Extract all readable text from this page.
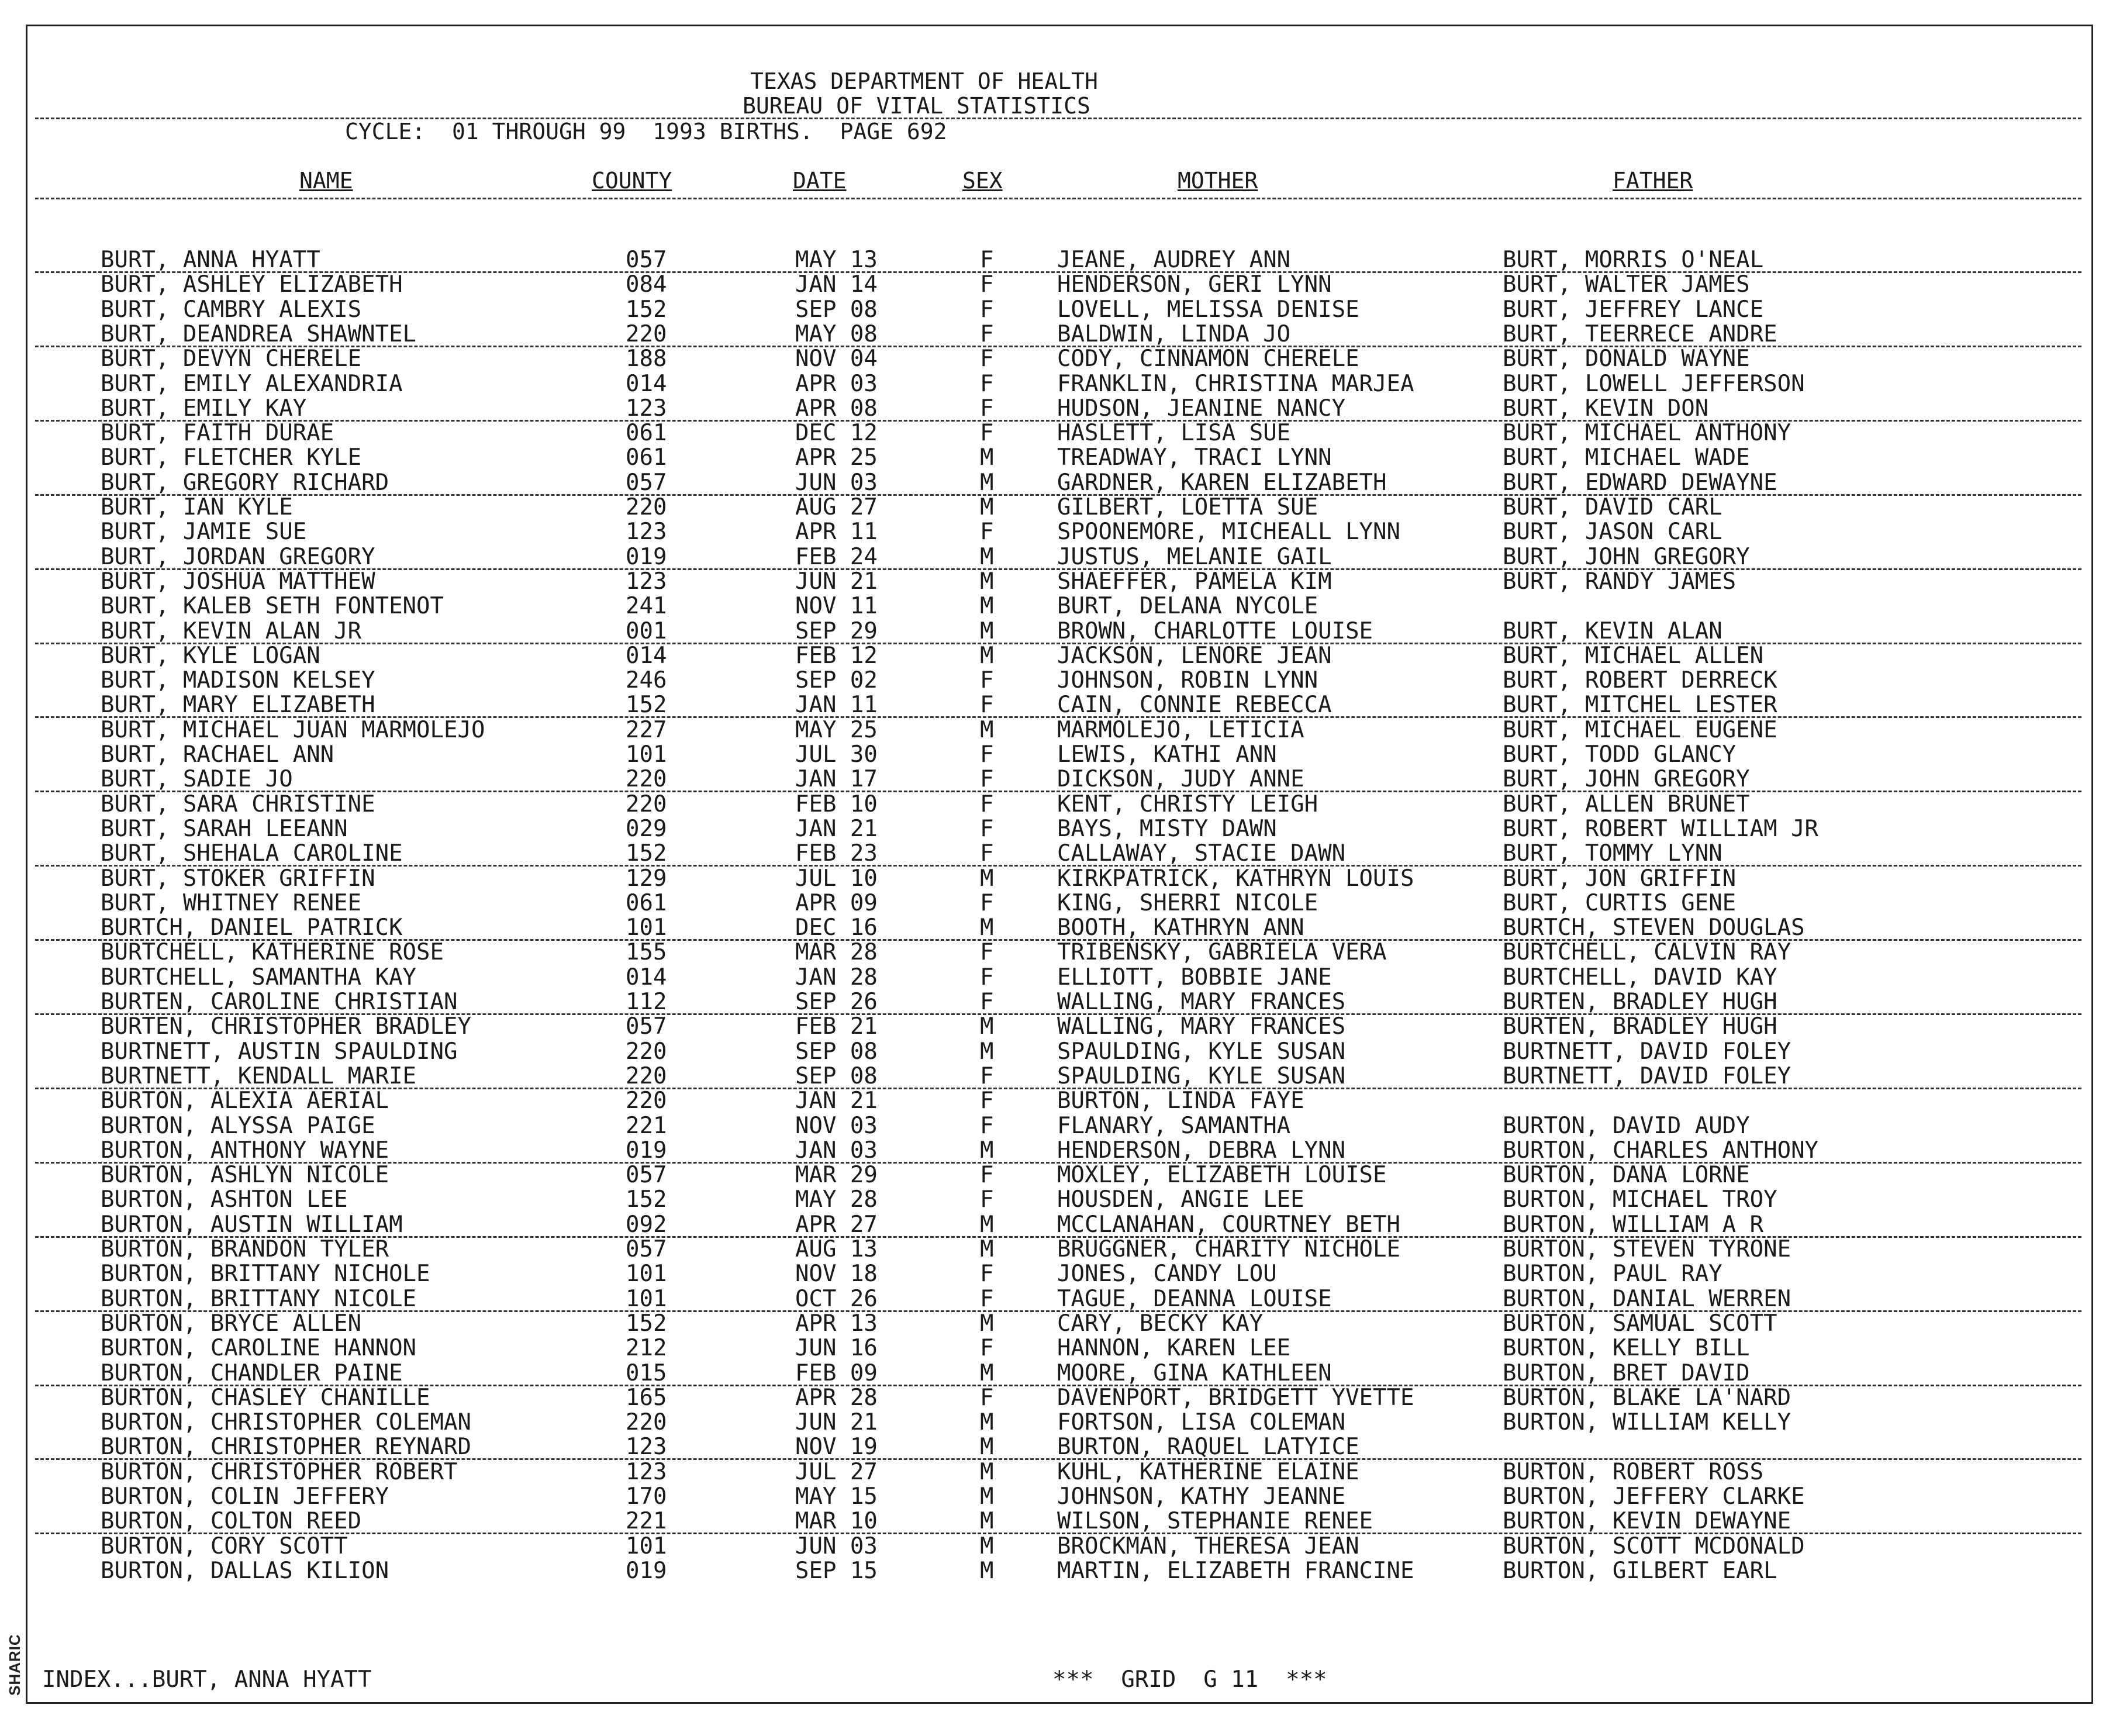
SHARIC
TEXAS DEPARTMENT OF HEALTH
BUREAU OF VITAL STATISTICS
CYCLE:  01 THROUGH 99  1993 BIRTHS.  PAGE 692
NAME	COUNTY	DATE	SEX	MOTHER	FATHER
BURT, ANNA HYATT	057	MAY 13	F	JEANE, AUDREY ANN	BURT, MORRIS O'NEAL
BURT, ASHLEY ELIZABETH	084	JAN 14	F	HENDERSON, GERI LYNN	BURT, WALTER JAMES
BURT, CAMBRY ALEXIS	152	SEP 08	F	LOVELL, MELISSA DENISE	BURT, JEFFREY LANCE
BURT, DEANDREA SHAWNTEL	220	MAY 08	F	BALDWIN, LINDA JO	BURT, TEERRECE ANDRE
BURT, DEVYN CHERELE	188	NOV 04	F	CODY, CINNAMON CHERELE	BURT, DONALD WAYNE
BURT, EMILY ALEXANDRIA	014	APR 03	F	FRANKLIN, CHRISTINA MARJEA	BURT, LOWELL JEFFERSON
BURT, EMILY KAY	123	APR 08	F	HUDSON, JEANINE NANCY	BURT, KEVIN DON
BURT, FAITH DURAE	061	DEC 12	F	HASLETT, LISA SUE	BURT, MICHAEL ANTHONY
BURT, FLETCHER KYLE	061	APR 25	M	TREADWAY, TRACI LYNN	BURT, MICHAEL WADE
BURT, GREGORY RICHARD	057	JUN 03	M	GARDNER, KAREN ELIZABETH	BURT, EDWARD DEWAYNE
BURT, IAN KYLE	220	AUG 27	M	GILBERT, LOETTA SUE	BURT, DAVID CARL
BURT, JAMIE SUE	123	APR 11	F	SPOONEMORE, MICHEALL LYNN	BURT, JASON CARL
BURT, JORDAN GREGORY	019	FEB 24	M	JUSTUS, MELANIE GAIL	BURT, JOHN GREGORY
BURT, JOSHUA MATTHEW	123	JUN 21	M	SHAEFFER, PAMELA KIM	BURT, RANDY JAMES
BURT, KALEB SETH FONTENOT	241	NOV 11	M	BURT, DELANA NYCOLE
BURT, KEVIN ALAN JR	001	SEP 29	M	BROWN, CHARLOTTE LOUISE	BURT, KEVIN ALAN
BURT, KYLE LOGAN	014	FEB 12	M	JACKSON, LENORE JEAN	BURT, MICHAEL ALLEN
BURT, MADISON KELSEY	246	SEP 02	F	JOHNSON, ROBIN LYNN	BURT, ROBERT DERRECK
BURT, MARY ELIZABETH	152	JAN 11	F	CAIN, CONNIE REBECCA	BURT, MITCHEL LESTER
BURT, MICHAEL JUAN MARMOLEJO	227	MAY 25	M	MARMOLEJO, LETICIA	BURT, MICHAEL EUGENE
BURT, RACHAEL ANN	101	JUL 30	F	LEWIS, KATHI ANN	BURT, TODD GLANCY
BURT, SADIE JO	220	JAN 17	F	DICKSON, JUDY ANNE	BURT, JOHN GREGORY
BURT, SARA CHRISTINE	220	FEB 10	F	KENT, CHRISTY LEIGH	BURT, ALLEN BRUNET
BURT, SARAH LEEANN	029	JAN 21	F	BAYS, MISTY DAWN	BURT, ROBERT WILLIAM JR
BURT, SHEHALA CAROLINE	152	FEB 23	F	CALLAWAY, STACIE DAWN	BURT, TOMMY LYNN
BURT, STOKER GRIFFIN	129	JUL 10	M	KIRKPATRICK, KATHRYN LOUIS	BURT, JON GRIFFIN
BURT, WHITNEY RENEE	061	APR 09	F	KING, SHERRI NICOLE	BURT, CURTIS GENE
BURTCH, DANIEL PATRICK	101	DEC 16	M	BOOTH, KATHRYN ANN	BURTCH, STEVEN DOUGLAS
BURTCHELL, KATHERINE ROSE	155	MAR 28	F	TRIBENSKY, GABRIELA VERA	BURTCHELL, CALVIN RAY
BURTCHELL, SAMANTHA KAY	014	JAN 28	F	ELLIOTT, BOBBIE JANE	BURTCHELL, DAVID KAY
BURTEN, CAROLINE CHRISTIAN	112	SEP 26	F	WALLING, MARY FRANCES	BURTEN, BRADLEY HUGH
BURTEN, CHRISTOPHER BRADLEY	057	FEB 21	M	WALLING, MARY FRANCES	BURTEN, BRADLEY HUGH
BURTNETT, AUSTIN SPAULDING	220	SEP 08	M	SPAULDING, KYLE SUSAN	BURTNETT, DAVID FOLEY
BURTNETT, KENDALL MARIE	220	SEP 08	F	SPAULDING, KYLE SUSAN	BURTNETT, DAVID FOLEY
BURTON, ALEXIA AERIAL	220	JAN 21	F	BURTON, LINDA FAYE
BURTON, ALYSSA PAIGE	221	NOV 03	F	FLANARY, SAMANTHA	BURTON, DAVID AUDY
BURTON, ANTHONY WAYNE	019	JAN 03	M	HENDERSON, DEBRA LYNN	BURTON, CHARLES ANTHONY
BURTON, ASHLYN NICOLE	057	MAR 29	F	MOXLEY, ELIZABETH LOUISE	BURTON, DANA LORNE
BURTON, ASHTON LEE	152	MAY 28	F	HOUSDEN, ANGIE LEE	BURTON, MICHAEL TROY
BURTON, AUSTIN WILLIAM	092	APR 27	M	MCCLANAHAN, COURTNEY BETH	BURTON, WILLIAM A R
BURTON, BRANDON TYLER	057	AUG 13	M	BRUGGNER, CHARITY NICHOLE	BURTON, STEVEN TYRONE
BURTON, BRITTANY NICHOLE	101	NOV 18	F	JONES, CANDY LOU	BURTON, PAUL RAY
BURTON, BRITTANY NICOLE	101	OCT 26	F	TAGUE, DEANNA LOUISE	BURTON, DANIAL WERREN
BURTON, BRYCE ALLEN	152	APR 13	M	CARY, BECKY KAY	BURTON, SAMUAL SCOTT
BURTON, CAROLINE HANNON	212	JUN 16	F	HANNON, KAREN LEE	BURTON, KELLY BILL
BURTON, CHANDLER PAINE	015	FEB 09	M	MOORE, GINA KATHLEEN	BURTON, BRET DAVID
BURTON, CHASLEY CHANILLE	165	APR 28	F	DAVENPORT, BRIDGETT YVETTE	BURTON, BLAKE LA'NARD
BURTON, CHRISTOPHER COLEMAN	220	JUN 21	M	FORTSON, LISA COLEMAN	BURTON, WILLIAM KELLY
BURTON, CHRISTOPHER REYNARD	123	NOV 19	M	BURTON, RAQUEL LATYICE
BURTON, CHRISTOPHER ROBERT	123	JUL 27	M	KUHL, KATHERINE ELAINE	BURTON, ROBERT ROSS
BURTON, COLIN JEFFERY	170	MAY 15	M	JOHNSON, KATHY JEANNE	BURTON, JEFFERY CLARKE
BURTON, COLTON REED	221	MAR 10	M	WILSON, STEPHANIE RENEE	BURTON, KEVIN DEWAYNE
BURTON, CORY SCOTT	101	JUN 03	M	BROCKMAN, THERESA JEAN	BURTON, SCOTT MCDONALD
BURTON, DALLAS KILION	019	SEP 15	M	MARTIN, ELIZABETH FRANCINE	BURTON, GILBERT EARL
INDEX...BURT, ANNA HYATT	***  GRID  G 11  ***
